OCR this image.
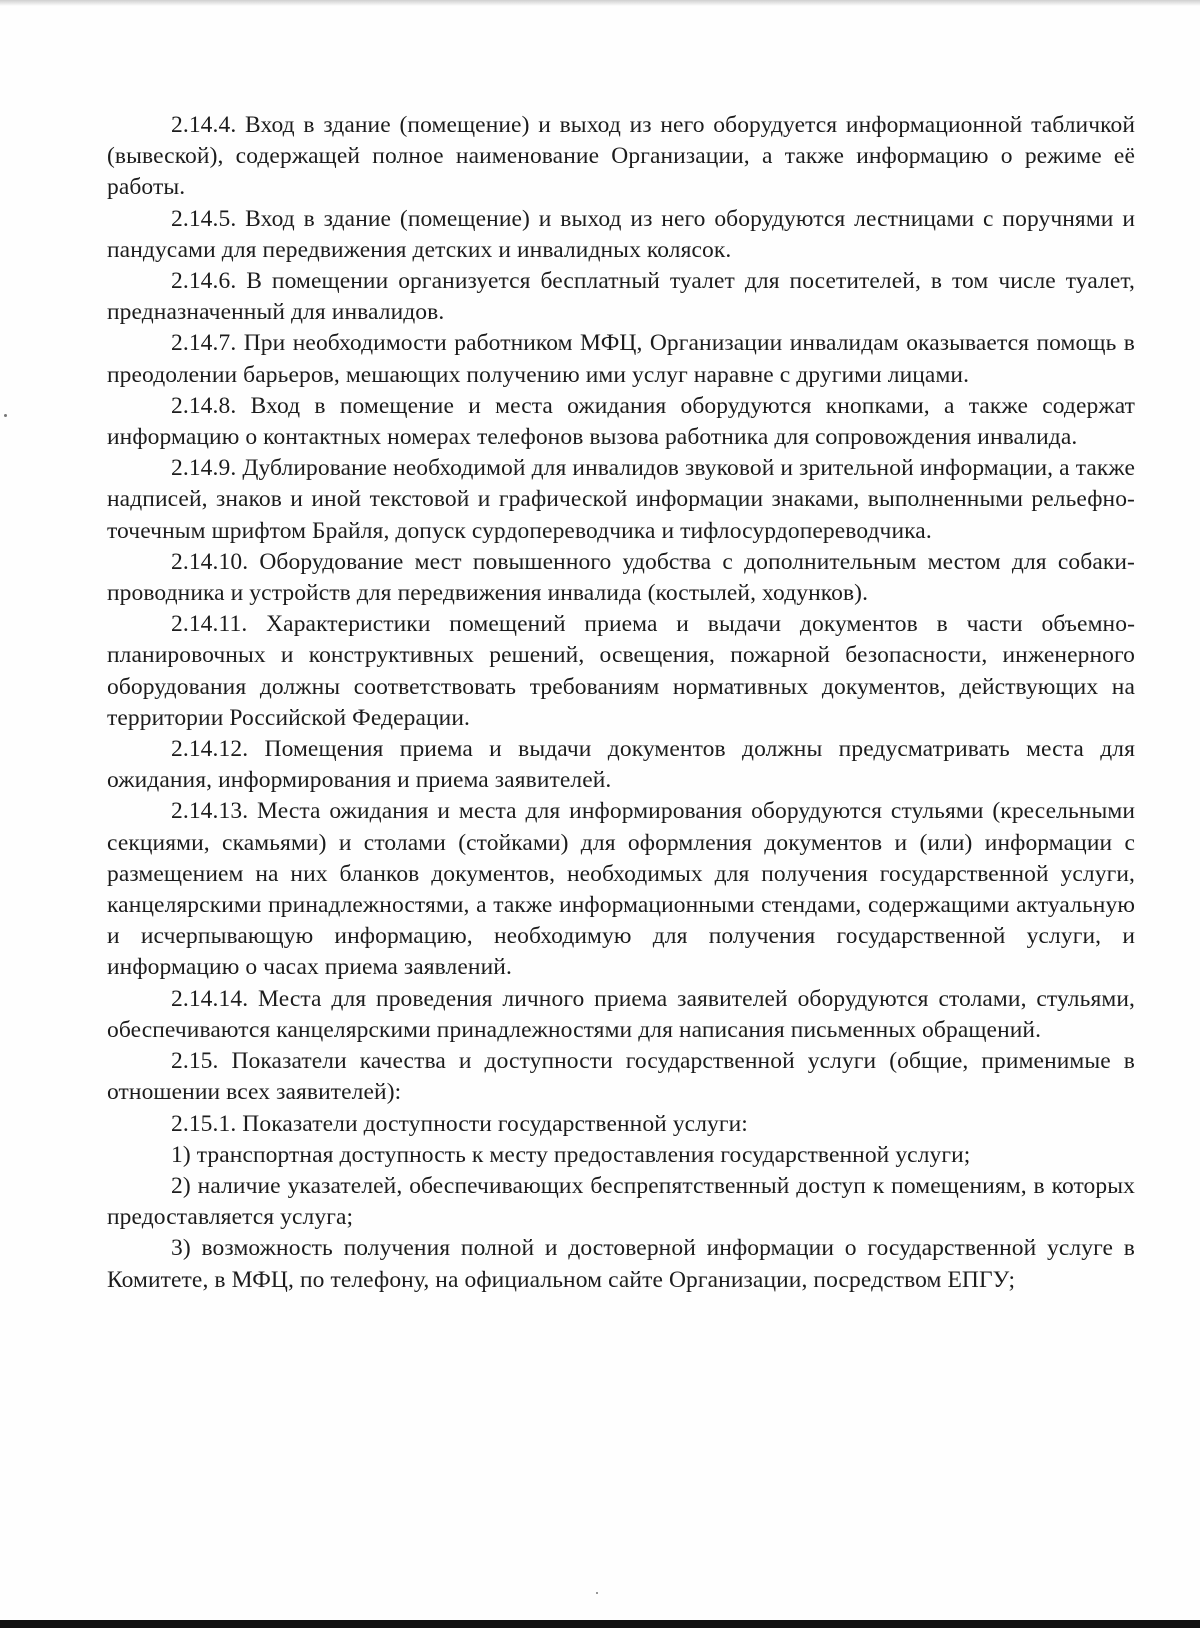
2.14.4. Вход в здание (помещение) и выход из него оборудуется информационной табличкой (вывеской), содержащей полное наименование Организации, а также информацию о режиме её работы.

2.14.5. Вход в здание (помещение) и выход из него оборудуются лестницами с поручнями и пандусами для передвижения детских и инвалидных колясок.

2.14.6. В помещении организуется бесплатный туалет для посетителей, в том числе туалет, предназначенный для инвалидов.

2.14.7. При необходимости работником МФЦ, Организации инвалидам оказывается помощь в преодолении барьеров, мешающих получению ими услуг наравне с другими лицами.

2.14.8. Вход в помещение и места ожидания оборудуются кнопками, а также содержат информацию о контактных номерах телефонов вызова работника для сопровождения инвалида.

2.14.9. Дублирование необходимой для инвалидов звуковой и зрительной информации, а также надписей, знаков и иной текстовой и графической информации знаками, выполненными рельефно-точечным шрифтом Брайля, допуск сурдопереводчика и тифлосурдопереводчика.

2.14.10. Оборудование мест повышенного удобства с дополнительным местом для собаки-проводника и устройств для передвижения инвалида (костылей, ходунков).

2.14.11. Характеристики помещений приема и выдачи документов в части объемно-планировочных и конструктивных решений, освещения, пожарной безопасности, инженерного оборудования должны соответствовать требованиям нормативных документов, действующих на территории Российской Федерации.

2.14.12. Помещения приема и выдачи документов должны предусматривать места для ожидания, информирования и приема заявителей.

2.14.13. Места ожидания и места для информирования оборудуются стульями (кресельными секциями, скамьями) и столами (стойками) для оформления документов и (или) информации с размещением на них бланков документов, необходимых для получения государственной услуги, канцелярскими принадлежностями, а также информационными стендами, содержащими актуальную и исчерпывающую информацию, необходимую для получения государственной услуги, и информацию о часах приема заявлений.

2.14.14. Места для проведения личного приема заявителей оборудуются столами, стульями, обеспечиваются канцелярскими принадлежностями для написания письменных обращений.

2.15. Показатели качества и доступности государственной услуги (общие, применимые в отношении всех заявителей):

2.15.1. Показатели доступности государственной услуги:

1) транспортная доступность к месту предоставления государственной услуги;

2) наличие указателей, обеспечивающих беспрепятственный доступ к помещениям, в которых предоставляется услуга;

3) возможность получения полной и достоверной информации о государственной услуге в Комитете, в МФЦ, по телефону, на официальном сайте Организации, посредством ЕПГУ;
